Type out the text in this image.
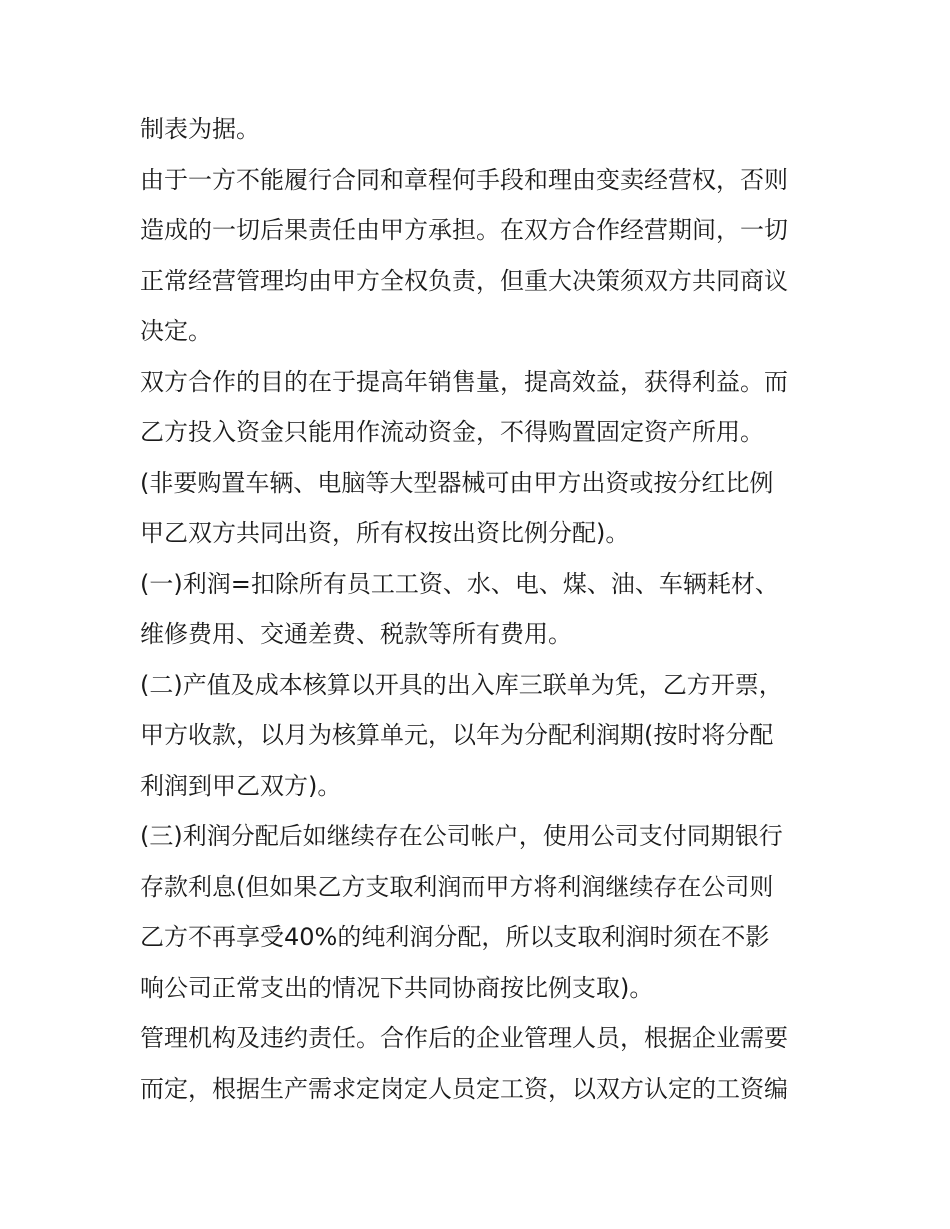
制表为据。
由于一方不能履行合同和章程何手段和理由变卖经营权，否则
造成的一切后果责任由甲方承担。在双方合作经营期间，一切
正常经营管理均由甲方全权负责，但重大决策须双方共同商议
决定。
双方合作的目的在于提高年销售量，提高效益，获得利益。而
乙方投入资金只能用作流动资金，不得购置固定资产所用。
(非要购置车辆、电脑等大型器械可由甲方出资或按分红比例
甲乙双方共同出资，所有权按出资比例分配)。
(一)利润=扣除所有员工工资、水、电、煤、油、车辆耗材、
维修费用、交通差费、税款等所有费用。
(二)产值及成本核算以开具的出入库三联单为凭，乙方开票，
甲方收款，以月为核算单元，以年为分配利润期(按时将分配
利润到甲乙双方)。
(三)利润分配后如继续存在公司帐户，使用公司支付同期银行
存款利息(但如果乙方支取利润而甲方将利润继续存在公司则
乙方不再享受40%的纯利润分配，所以支取利润时须在不影
响公司正常支出的情况下共同协商按比例支取)。
管理机构及违约责任。合作后的企业管理人员，根据企业需要
而定，根据生产需求定岗定人员定工资，以双方认定的工资编
